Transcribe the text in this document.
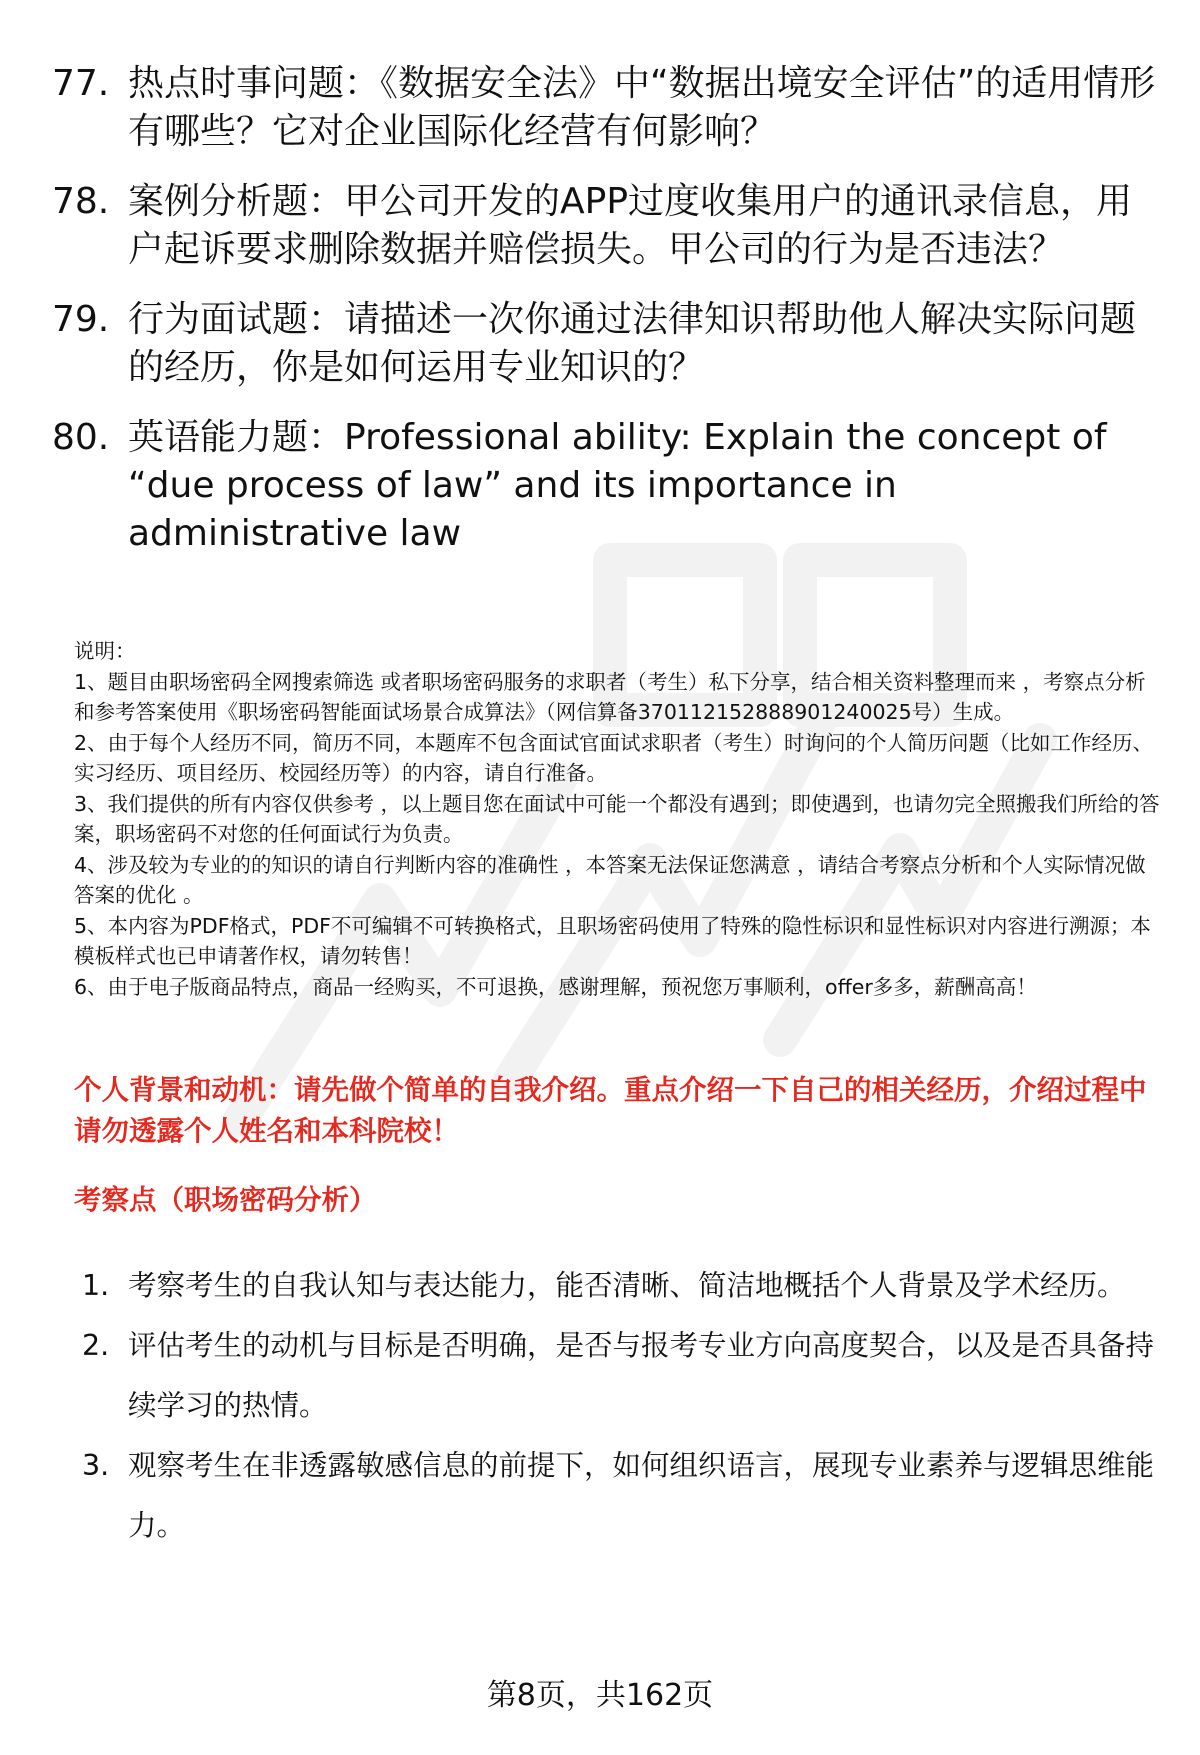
77. 热点时事问题：《数据安全法》中“数据出境安全评估”的适用情形有哪些？它对企业国际化经营有何影响？
78. 案例分析题：甲公司开发的APP过度收集用户的通讯录信息，用户起诉要求删除数据并赔偿损失。甲公司的行为是否违法？
79. 行为面试题：请描述一次你通过法律知识帮助他人解决实际问题的经历，你是如何运用专业知识的？
80. 英语能力题：Professional ability: Explain the concept of “due process of law” and its importance in administrative law

说明：

1、题目由职场密码全网搜索筛选 或者职场密码服务的求职者（考生）私下分享，结合相关资料整理而来 ，考察点分析和参考答案使用《职场密码智能面试场景合成算法》（网信算备370112152888901240025号）生成。

2、由于每个人经历不同，简历不同，本题库不包含面试官面试求职者（考生）时询问的个人简历问题（比如工作经历、实习经历、项目经历、校园经历等）的内容，请自行准备。

3、我们提供的所有内容仅供参考 ，以上题目您在面试中可能一个都没有遇到；即使遇到，也请勿完全照搬我们所给的答案，职场密码不对您的任何面试行为负责。

4、涉及较为专业的的知识的请自行判断内容的准确性 ，本答案无法保证您满意 ，请结合考察点分析和个人实际情况做答案的优化 。

5、本内容为PDF格式，PDF不可编辑不可转换格式，且职场密码使用了特殊的隐性标识和显性标识对内容进行溯源；本模板样式也已申请著作权，请勿转售！

6、由于电子版商品特点，商品一经购买，不可退换，感谢理解，预祝您万事顺利，offer多多，薪酬高高！

个人背景和动机：请先做个简单的自我介绍。重点介绍一下自己的相关经历，介绍过程中请勿透露个人姓名和本科院校！
考察点（职场密码分析）
1. 考察考生的自我认知与表达能力，能否清晰、简洁地概括个人背景及学术经历。
2. 评估考生的动机与目标是否明确，是否与报考专业方向高度契合，以及是否具备持续学习的热情。
3. 观察考生在非透露敏感信息的前提下，如何组织语言，展现专业素养与逻辑思维能力。
第8页，共162页
